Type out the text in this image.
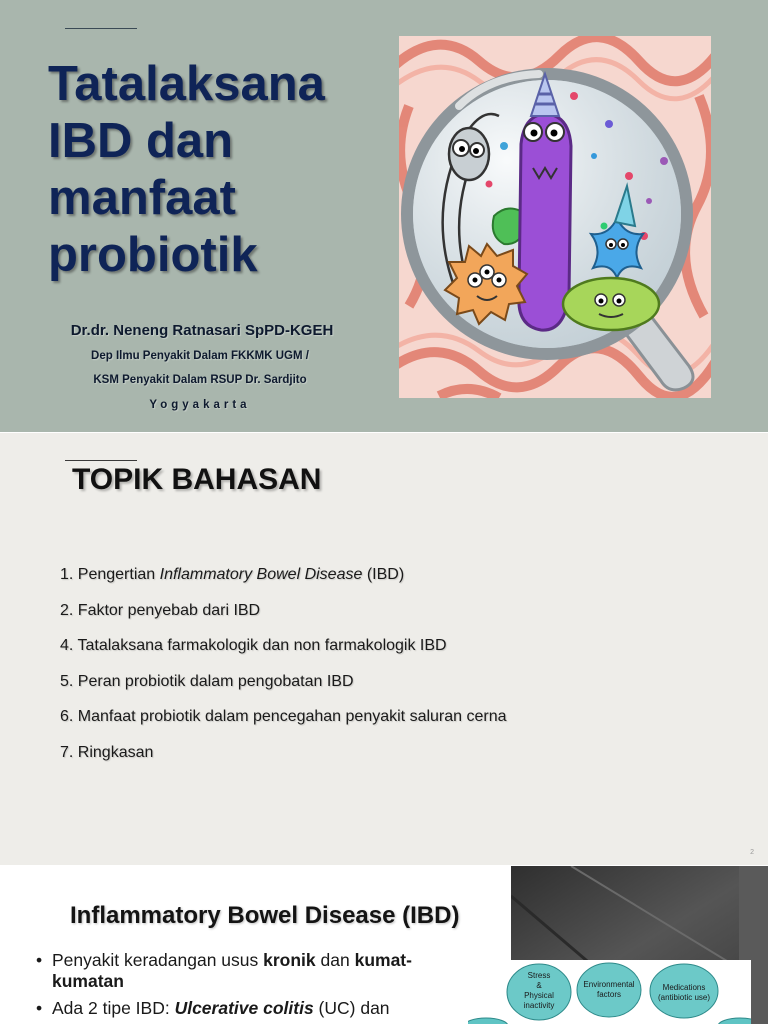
Tatalaksana
IBD dan
manfaat
probiotik
Dr.dr. Neneng Ratnasari SpPD-KGEH
Dep Ilmu Penyakit Dalam FKKMK UGM /
KSM Penyakit Dalam RSUP Dr. Sardjito
Yogyakarta
TOPIK BAHASAN
1. Pengertian Inflammatory Bowel Disease (IBD)
2. Faktor penyebab dari IBD
4. Tatalaksana farmakologik dan non farmakologik IBD
5. Peran probiotik dalam pengobatan IBD
6. Manfaat probiotik dalam pencegahan penyakit saluran cerna
7. Ringkasan
2
Inflammatory Bowel Disease (IBD)
• Penyakit keradangan usus kronik dan kumat-kumatan
• Ada 2 tipe IBD: Ulcerative colitis (UC) dan
Stress
&
Physical
inactivity
Environmental
factors
Medications
(antibiotic use)
